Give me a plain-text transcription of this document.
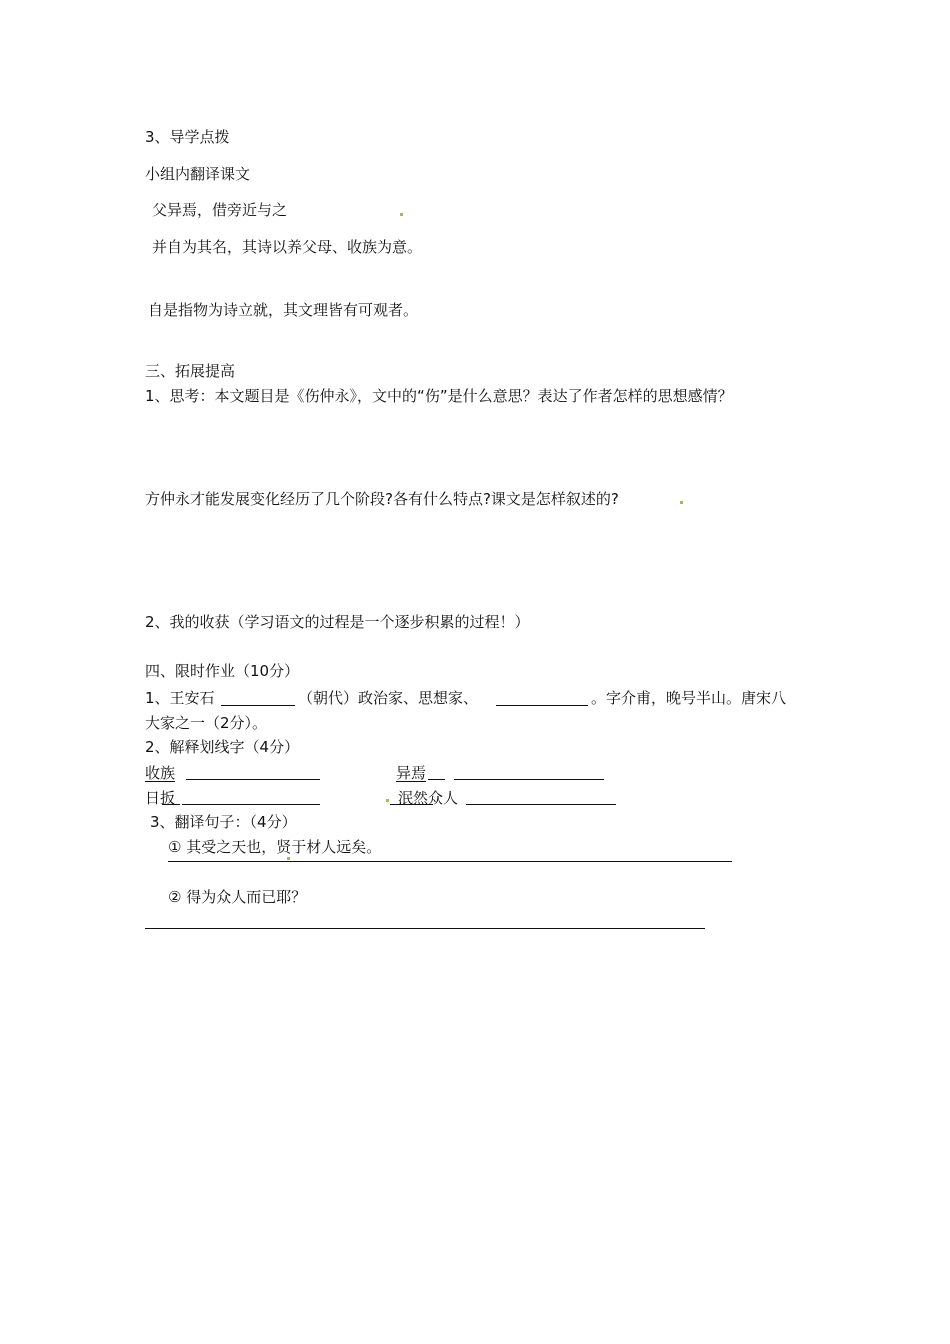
3、导学点拨
小组内翻译课文
父异焉，借旁近与之
并自为其名，其诗以养父母、收族为意。
自是指物为诗立就，其文理皆有可观者。
三、拓展提高
1、思考：本文题目是《伤仲永》，文中的“伤”是什么意思？表达了作者怎样的思想感情？
方仲永才能发展变化经历了几个阶段?各有什么特点?课文是怎样叙述的?
2、我的收获（学习语文的过程是一个逐步积累的过程！）
四、限时作业（10分）
1、王安石	（朝代）政治家、思想家、	。字介甫，晚号半山。唐宋八
大家之一（2分）。
2、解释划线字（4分）
收族	异焉
日扳	泯然众人
3、翻译句子：（4分）
① 其受之天也，贤于材人远矣。
② 得为众人而已耶？
